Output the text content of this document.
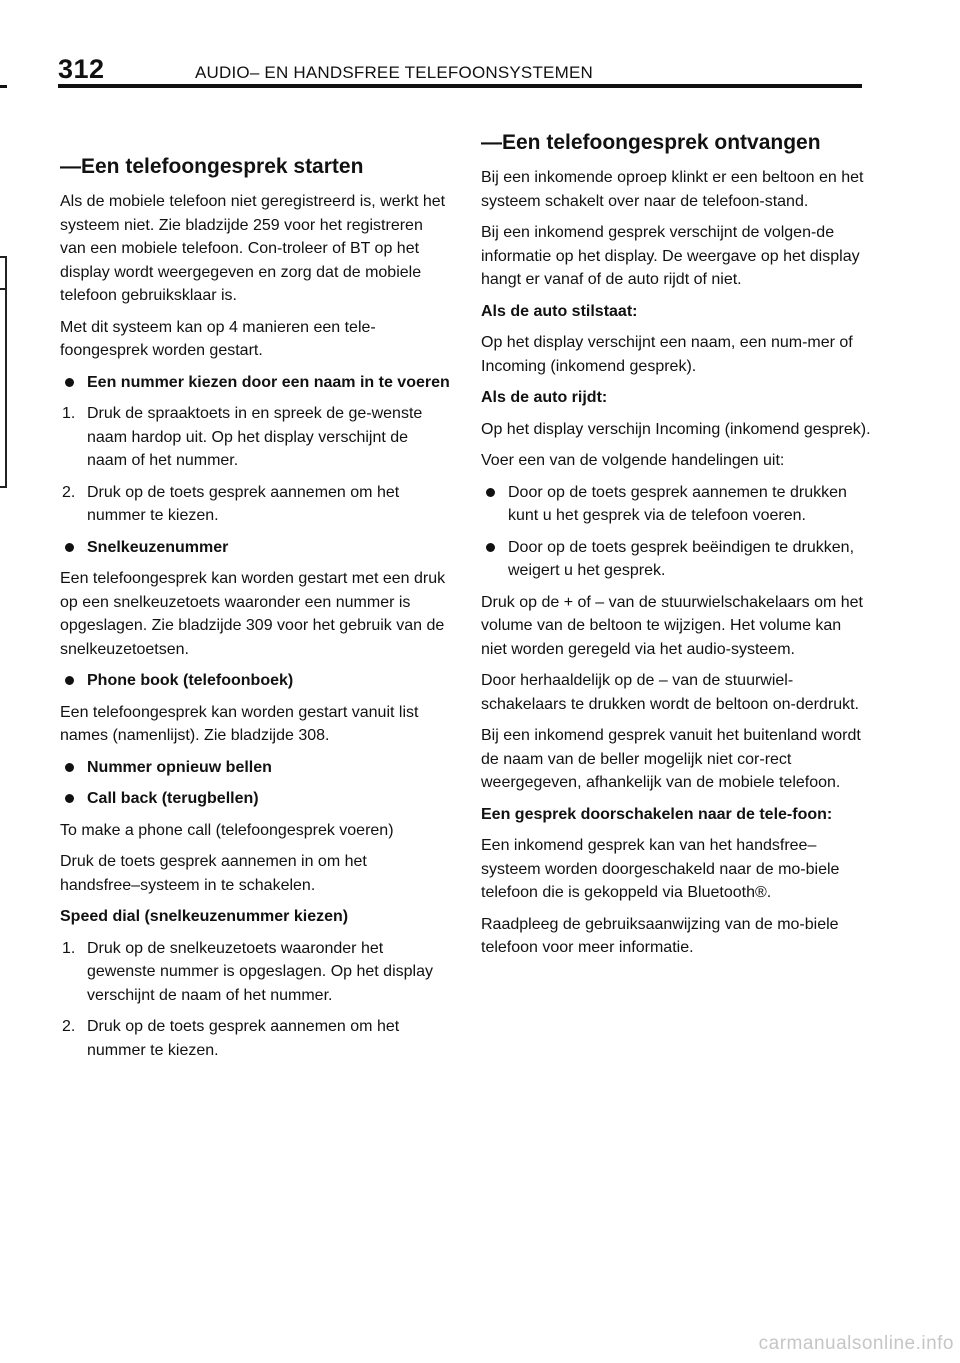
312	AUDIO– EN HANDSFREE TELEFOONSYSTEMEN
—Een telefoongesprek starten

Als de mobiele telefoon niet geregistreerd is, werkt het systeem niet. Zie bladzijde 259 voor het registreren van een mobiele telefoon. Con-troleer of BT op het display wordt weergegeven en zorg dat de mobiele telefoon gebruiksklaar is.

Met dit systeem kan op 4 manieren een tele-foongesprek worden gestart.

Een nummer kiezen door een naam in te voeren

1. Druk de spraaktoets in en spreek de ge-wenste naam hardop uit. Op het display verschijnt de naam of het nummer.

2. Druk op de toets gesprek aannemen om het nummer te kiezen.

Snelkeuzenummer

Een telefoongesprek kan worden gestart met een druk op een snelkeuzetoets waaronder een nummer is opgeslagen. Zie bladzijde 309 voor het gebruik van de snelkeuzetoetsen.

Phone book (telefoonboek)

Een telefoongesprek kan worden gestart vanuit list names (namenlijst). Zie bladzijde 308.

Nummer opnieuw bellen

Call back (terugbellen)

To make a phone call (telefoongesprek voeren)

Druk de toets gesprek aannemen in om het handsfree–systeem in te schakelen.

Speed dial (snelkeuzenummer kiezen)

1. Druk op de snelkeuzetoets waaronder het gewenste nummer is opgeslagen. Op het display verschijnt de naam of het nummer.

2. Druk op de toets gesprek aannemen om het nummer te kiezen.

—Een telefoongesprek ontvangen

Bij een inkomende oproep klinkt er een beltoon en het systeem schakelt over naar de telefoon-stand.

Bij een inkomend gesprek verschijnt de volgen-de informatie op het display. De weergave op het display hangt er vanaf of de auto rijdt of niet.

Als de auto stilstaat:

Op het display verschijnt een naam, een num-mer of Incoming (inkomend gesprek).

Als de auto rijdt:

Op het display verschijn Incoming (inkomend gesprek).

Voer een van de volgende handelingen uit:

Door op de toets gesprek aannemen te drukken kunt u het gesprek via de telefoon voeren.

Door op de toets gesprek beëindigen te drukken, weigert u het gesprek.

Druk op de + of – van de stuurwielschakelaars om het volume van de beltoon te wijzigen. Het volume kan niet worden geregeld via het audio-systeem.

Door herhaaldelijk op de – van de stuurwiel-schakelaars te drukken wordt de beltoon on-derdrukt.

Bij een inkomend gesprek vanuit het buitenland wordt de naam van de beller mogelijk niet cor-rect weergegeven, afhankelijk van de mobiele telefoon.

Een gesprek doorschakelen naar de tele-foon:

Een inkomend gesprek kan van het handsfree– systeem worden doorgeschakeld naar de mo-biele telefoon die is gekoppeld via Bluetooth®.

Raadpleeg de gebruiksaanwijzing van de mo-biele telefoon voor meer informatie.

carmanualsonline.info
